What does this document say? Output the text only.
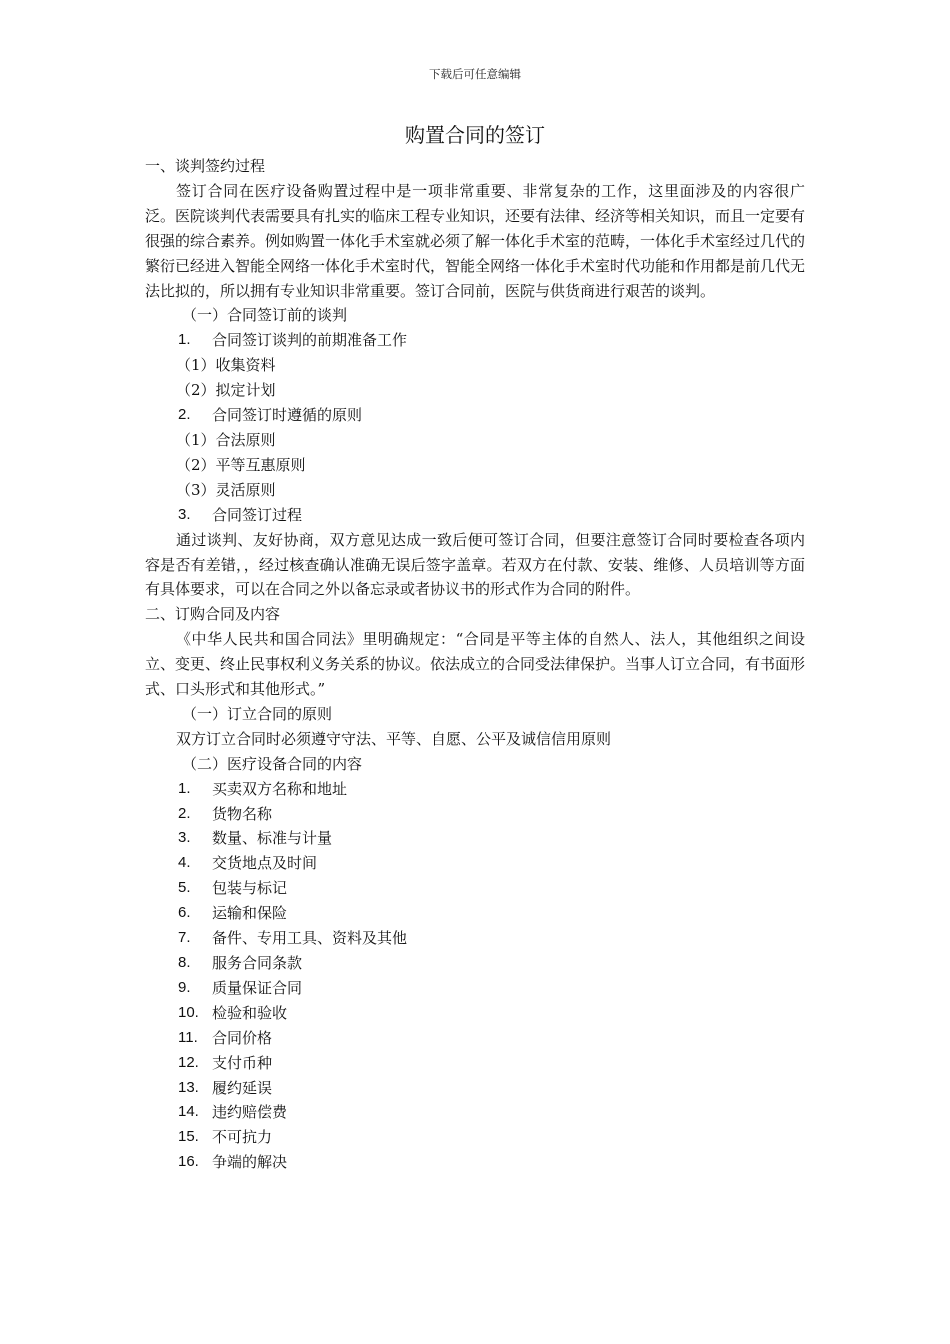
下载后可任意编辑
购置合同的签订

一、谈判签约过程

签订合同在医疗设备购置过程中是一项非常重要、非常复杂的工作，这里面涉及的内容很广泛。医院谈判代表需要具有扎实的临床工程专业知识，还要有法律、经济等相关知识，而且一定要有很强的综合素养。例如购置一体化手术室就必须了解一体化手术室的范畴，一体化手术室经过几代的繁衍已经进入智能全网络一体化手术室时代，智能全网络一体化手术室时代功能和作用都是前几代无法比拟的，所以拥有专业知识非常重要。签订合同前，医院与供货商进行艰苦的谈判。

（一）合同签订前的谈判

1.	合同签订谈判的前期准备工作

（1）收集资料

（2）拟定计划

2.	合同签订时遵循的原则

（1）合法原则

（2）平等互惠原则

（3）灵活原则

3.	合同签订过程

通过谈判、友好协商，双方意见达成一致后便可签订合同，但要注意签订合同时要检查各项内容是否有差错，，经过核查确认准确无误后签字盖章。若双方在付款、安装、维修、人员培训等方面有具体要求，可以在合同之外以备忘录或者协议书的形式作为合同的附件。

二、订购合同及内容

《中华人民共和国合同法》里明确规定：“合同是平等主体的自然人、法人，其他组织之间设立、变更、终止民事权利义务关系的协议。依法成立的合同受法律保护。当事人订立合同，有书面形式、口头形式和其他形式。”

（一）订立合同的原则

双方订立合同时必须遵守守法、平等、自愿、公平及诚信信用原则

（二）医疗设备合同的内容

1.	买卖双方名称和地址
2.	货物名称
3.	数量、标准与计量
4.	交货地点及时间
5.	包装与标记
6.	运输和保险
7.	备件、专用工具、资料及其他
8.	服务合同条款
9.	质量保证合同
10. 检验和验收
11. 合同价格
12. 支付币种
13. 履约延误
14. 违约赔偿费
15. 不可抗力
16. 争端的解决
